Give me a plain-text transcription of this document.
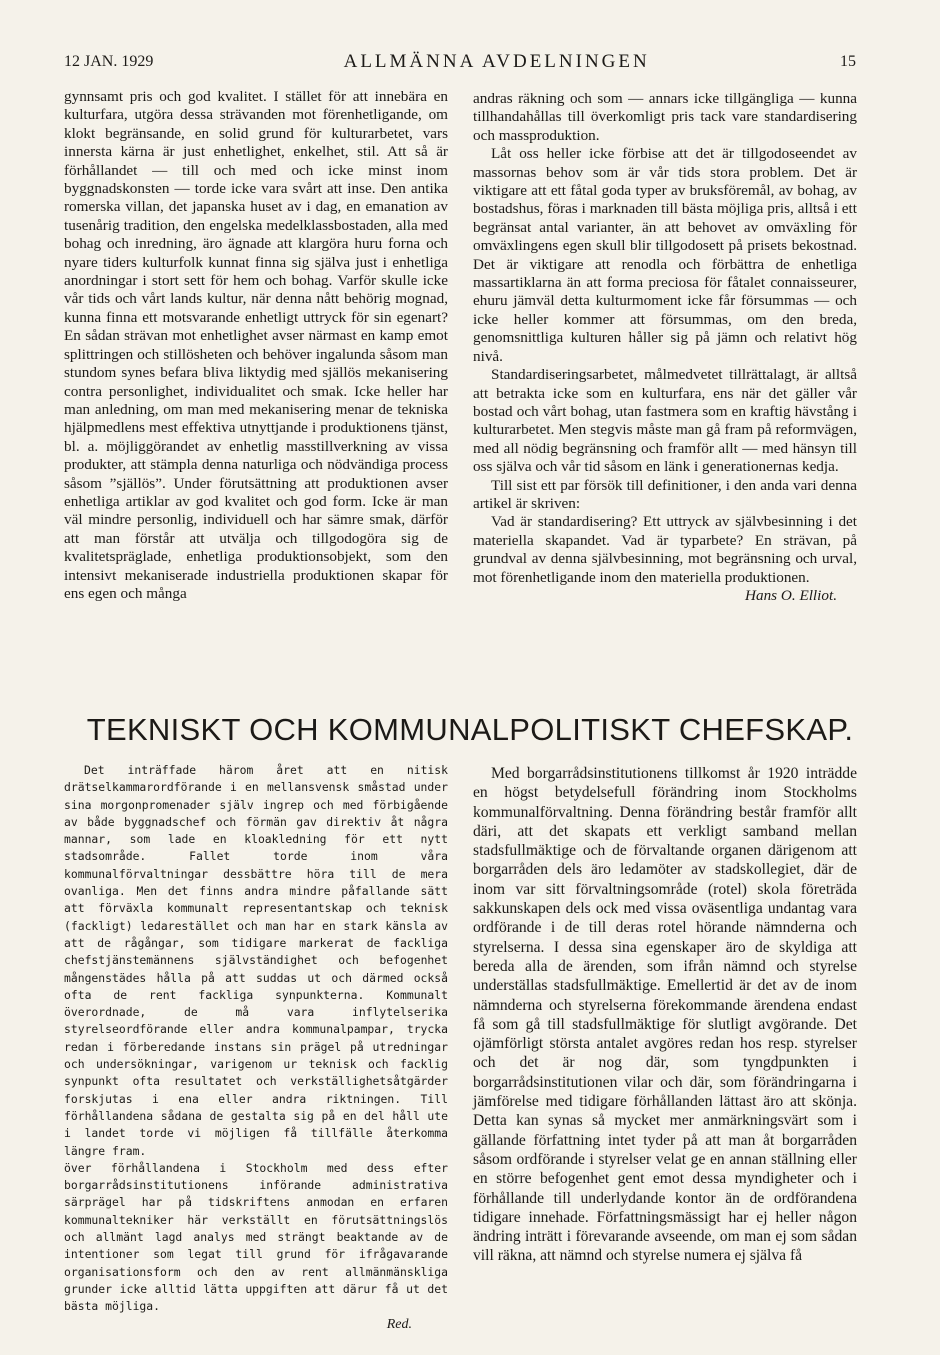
12 JAN. 1929	ALLMÄNNA AVDELNINGEN	15

gynnsamt pris och god kvalitet. I stället för att innebära en kulturfara, utgöra dessa strävanden mot förenhetligande, om klokt begränsande, en solid grund för kulturarbetet, vars innersta kärna är just enhetlighet, enkelhet, stil. Att så är förhållandet — till och med och icke minst inom byggnadskonsten — torde icke vara svårt att inse. Den antika romerska villan, det japanska huset av i dag, en emanation av tusenårig tradition, den engelska medelklassbostaden, alla med bohag och inredning, äro ägnade att klargöra huru forna och nyare tiders kulturfolk kunnat finna sig själva just i enhetliga anordningar i stort sett för hem och bohag. Varför skulle icke vår tids och vårt lands kultur, när denna nått behörig mognad, kunna finna ett motsvarande enhetligt uttryck för sin egenart? En sådan strävan mot enhetlighet avser närmast en kamp emot splittringen och stillösheten och behöver ingalunda såsom man stundom synes befara bliva liktydig med själlös mekanisering contra personlighet, individualitet och smak. Icke heller har man anledning, om man med mekanisering menar de tekniska hjälpmedlens mest effektiva utnyttjande i produktionens tjänst, bl. a. möjliggörandet av enhetlig masstillverkning av vissa produkter, att stämpla denna naturliga och nödvändiga process såsom ”själlös”. Under förutsättning att produktionen avser enhetliga artiklar av god kvalitet och god form. Icke är man väl mindre personlig, individuell och har sämre smak, därför att man förstår att utvälja och tillgodogöra sig de kvalitetspräglade, enhetliga produktionsobjekt, som den intensivt mekaniserade industriella produktionen skapar för ens egen och många

andras räkning och som — annars icke tillgängliga — kunna tillhandahållas till överkomligt pris tack vare standardisering och massproduktion.

Låt oss heller icke förbise att det är tillgodoseendet av massornas behov som är vår tids stora problem. Det är viktigare att ett fåtal goda typer av bruksföremål, av bohag, av bostadshus, föras i marknaden till bästa möjliga pris, alltså i ett begränsat antal varianter, än att behovet av omväxling för omväxlingens egen skull blir tillgodosett på prisets bekostnad. Det är viktigare att renodla och förbättra de enhetliga massartiklarna än att forma preciosa för fåtalet connaisseurer, ehuru jämväl detta kulturmoment icke får försummas — och icke heller kommer att försummas, om den breda, genomsnittliga kulturen håller sig på jämn och relativt hög nivå.

Standardiseringsarbetet, målmedvetet tillrättalagt, är alltså att betrakta icke som en kulturfara, ens när det gäller vår bostad och vårt bohag, utan fastmera som en kraftig hävstång i kulturarbetet. Men stegvis måste man gå fram på reformvägen, med all nödig begränsning och framför allt — med hänsyn till oss själva och vår tid såsom en länk i generationernas kedja.

Till sist ett par försök till definitioner, i den anda vari denna artikel är skriven:

Vad är standardisering? Ett uttryck av självbesinning i det materiella skapandet. Vad är typarbete? En strävan, på grundval av denna självbesinning, mot begränsning och urval, mot förenhetligande inom den materiella produktionen.

Hans O. Elliot.
TEKNISKT OCH KOMMUNALPOLITISKT CHEFSKAP.

Det inträffade härom året att en nitisk drätselkammarordförande i en mellansvensk småstad under sina morgonpromenader själv ingrep och med förbigående av både byggnadschef och förmän gav direktiv åt några mannar, som lade en kloakledning för ett nytt stadsområde. Fallet torde inom våra kommunalförvaltningar dessbättre höra till de mera ovanliga. Men det finns andra mindre påfallande sätt att förväxla kommunalt representantskap och teknisk (fackligt) ledarestället och man har en stark känsla av att de rågångar, som tidigare markerat de fackliga chefstjänstemännens självständighet och befogenhet mångenstädes hålla på att suddas ut och därmed också ofta de rent fackliga synpunkterna. Kommunalt överordnade, de må vara inflytelserika styrelseordförande eller andra kommunalpampar, trycka redan i förberedande instans sin prägel på utredningar och undersökningar, varigenom ur teknisk och facklig synpunkt ofta resultatet och verkställighetsåtgärder forskjutas i ena eller andra riktningen. Till förhållandena sådana de gestalta sig på en del håll ute i landet torde vi möjligen få tillfälle återkomma längre fram.

över förhållandena i Stockholm med dess efter borgarrådsinstitutionens införande administrativa särprägel har på tidskriftens anmodan en erfaren kommunaltekniker här verkställt en förutsättningslös och allmänt lagd analys med strängt beaktande av de intentioner som legat till grund för ifrågavarande organisationsform och den av rent allmänmänskliga grunder icke alltid lätta uppgiften att därur få ut det bästa möjliga.

Red.

Med borgarrådsinstitutionens tillkomst år 1920 inträdde en högst betydelsefull förändring inom Stockholms kommunalförvaltning. Denna förändring består framför allt däri, att det skapats ett verkligt samband mellan stadsfullmäktige och de förvaltande organen därigenom att borgarråden dels äro ledamöter av stadskollegiet, där de inom var sitt förvaltningsområde (rotel) skola företräda sakkunskapen dels ock med vissa oväsentliga undantag vara ordförande i de till deras rotel hörande nämnderna och styrelserna. I dessa sina egenskaper äro de skyldiga att bereda alla de ärenden, som ifrån nämnd och styrelse underställas stadsfullmäktige. Emellertid är det av de inom nämnderna och styrelserna förekommande ärendena endast få som gå till stadsfullmäktige för slutligt avgörande. Det ojämförligt största antalet avgöres redan hos resp. styrelser och det är nog där, som tyngdpunkten i borgarrådsinstitutionen vilar och där, som förändringarna i jämförelse med tidigare förhållanden lättast äro att skönja. Detta kan synas så mycket mer anmärkningsvärt som i gällande författning intet tyder på att man åt borgarråden såsom ordförande i styrelser velat ge en annan ställning eller en större befogenhet gent emot dessa myndigheter och i förhållande till underlydande kontor än de ordförandena tidigare innehade. Författningsmässigt har ej heller någon ändring inträtt i förevarande avseende, om man ej som sådan vill räkna, att nämnd och styrelse numera ej själva få
